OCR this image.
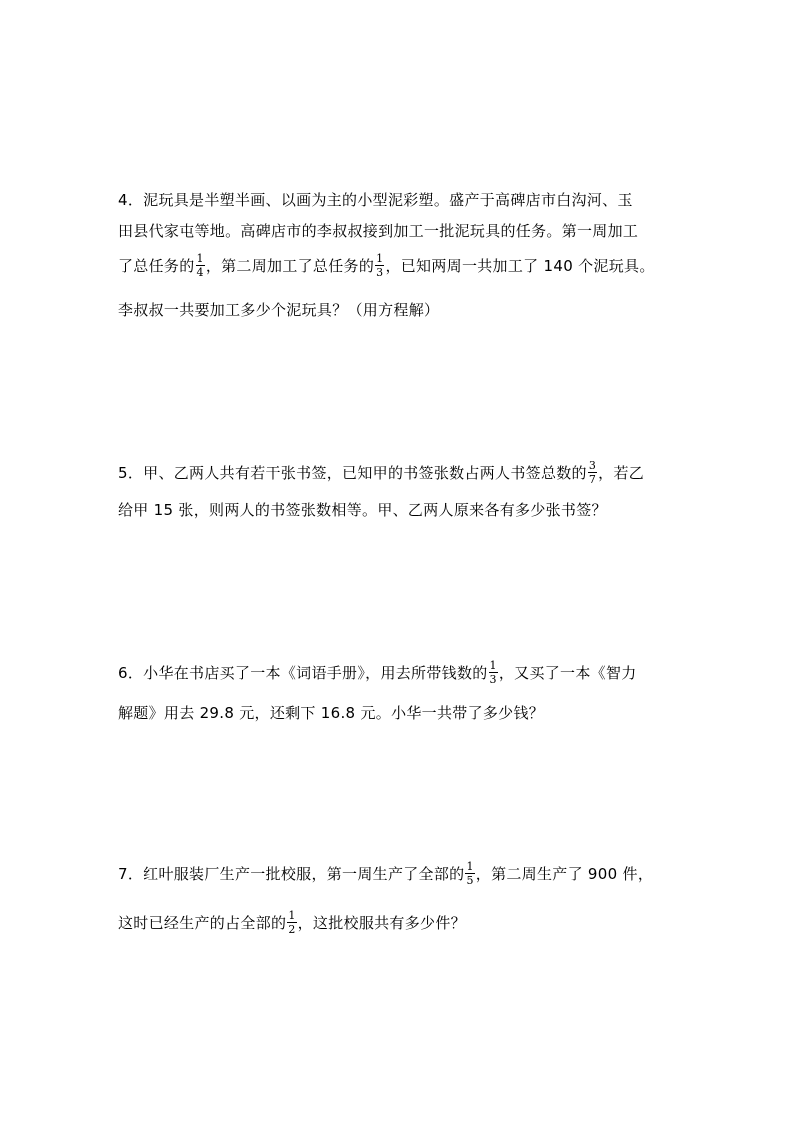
4．泥玩具是半塑半画、以画为主的小型泥彩塑。盛产于高碑店市白沟河、玉
田县代家屯等地。高碑店市的李叔叔接到加工一批泥玩具的任务。第一周加工
了总任务的 $\frac{1}{4}$ ，第二周加工了总任务的 $\frac{1}{3}$ ，已知两周一共加工了 140 个泥玩具。
李叔叔一共要加工多少个泥玩具？（用方程解）
5．甲、乙两人共有若干张书签，已知甲的书签张数占两人书签总数的 $\frac{3}{7}$ ，若乙
给甲 15 张，则两人的书签张数相等。甲、乙两人原来各有多少张书签？
6．小华在书店买了一本《词语手册》，用去所带钱数的 $\frac{1}{3}$ ，又买了一本《智力
解题》用去 29.8 元，还剩下 16.8 元。小华一共带了多少钱？
7．红叶服装厂生产一批校服，第一周生产了全部的 $\frac{1}{5}$ ，第二周生产了 900 件，
这时已经生产的占全部的 $\frac{1}{2}$ ，这批校服共有多少件？
